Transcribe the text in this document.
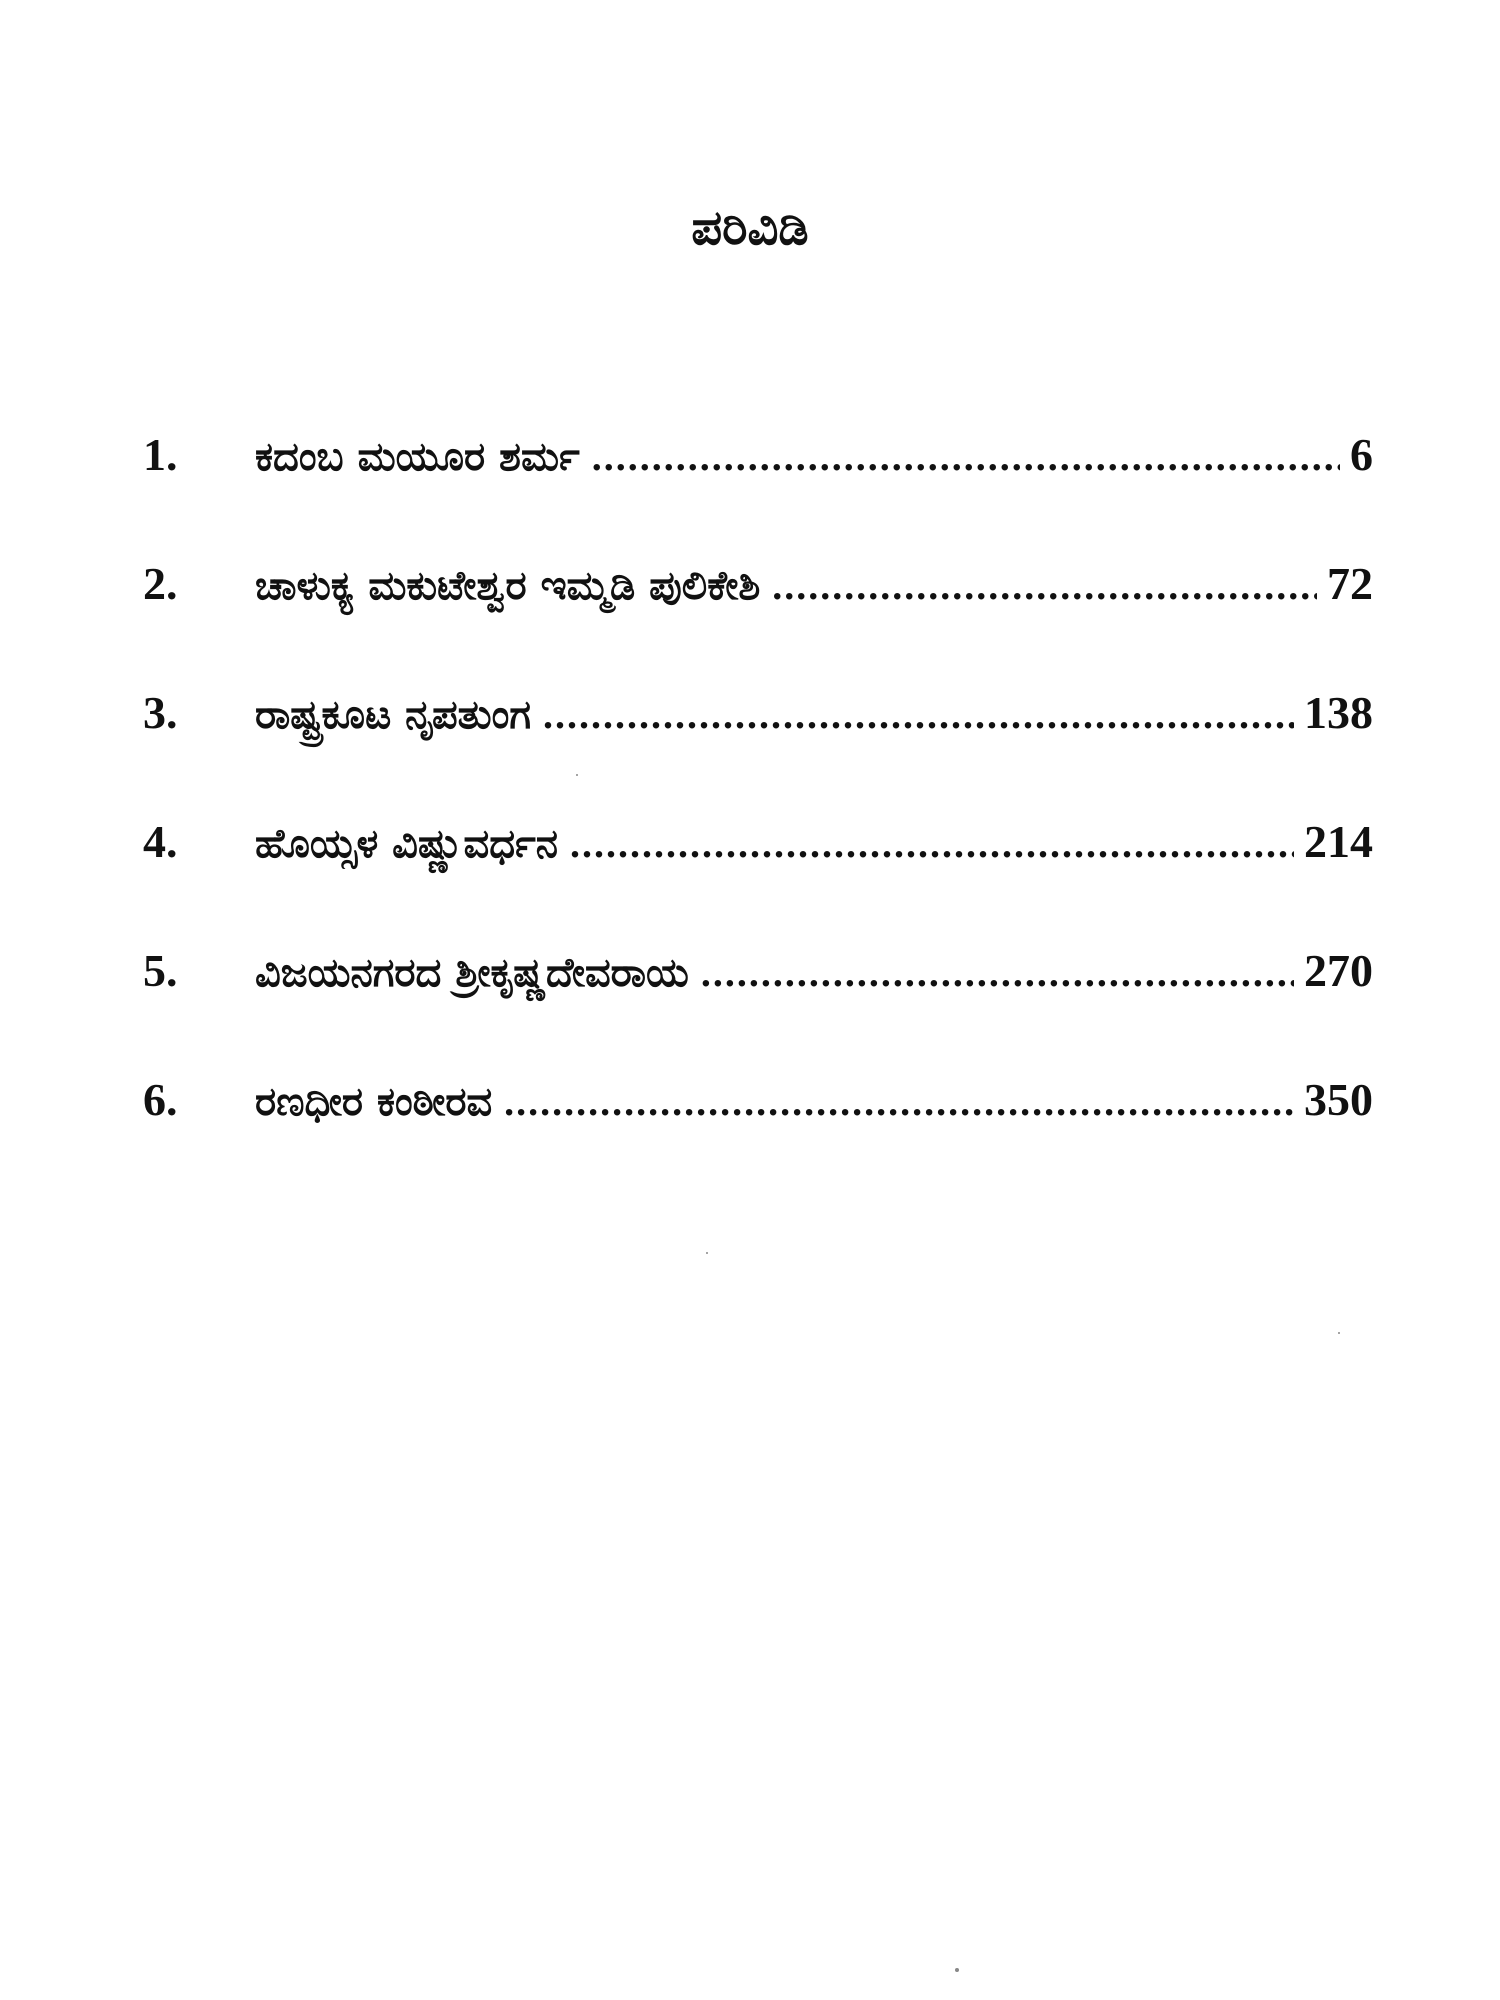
ಪರಿವಿಡಿ
1.	ಕದಂಬ ಮಯೂರ ಶರ್ಮ .....	6
2.	ಚಾಳುಕ್ಯ ಮಕುಟೇಶ್ವರ ಇಮ್ಮಡಿ ಪುಲಿಕೇಶಿ .....	72
3.	ರಾಷ್ಟ್ರಕೂಟ ನೃಪತುಂಗ .....	138
4.	ಹೊಯ್ಸಳ ವಿಷ್ಣುವರ್ಧನ .....	214
5.	ವಿಜಯನಗರದ ಶ್ರೀಕೃಷ್ಣದೇವರಾಯ .....	270
6.	ರಣಧೀರ ಕಂಠೀರವ .....	350
